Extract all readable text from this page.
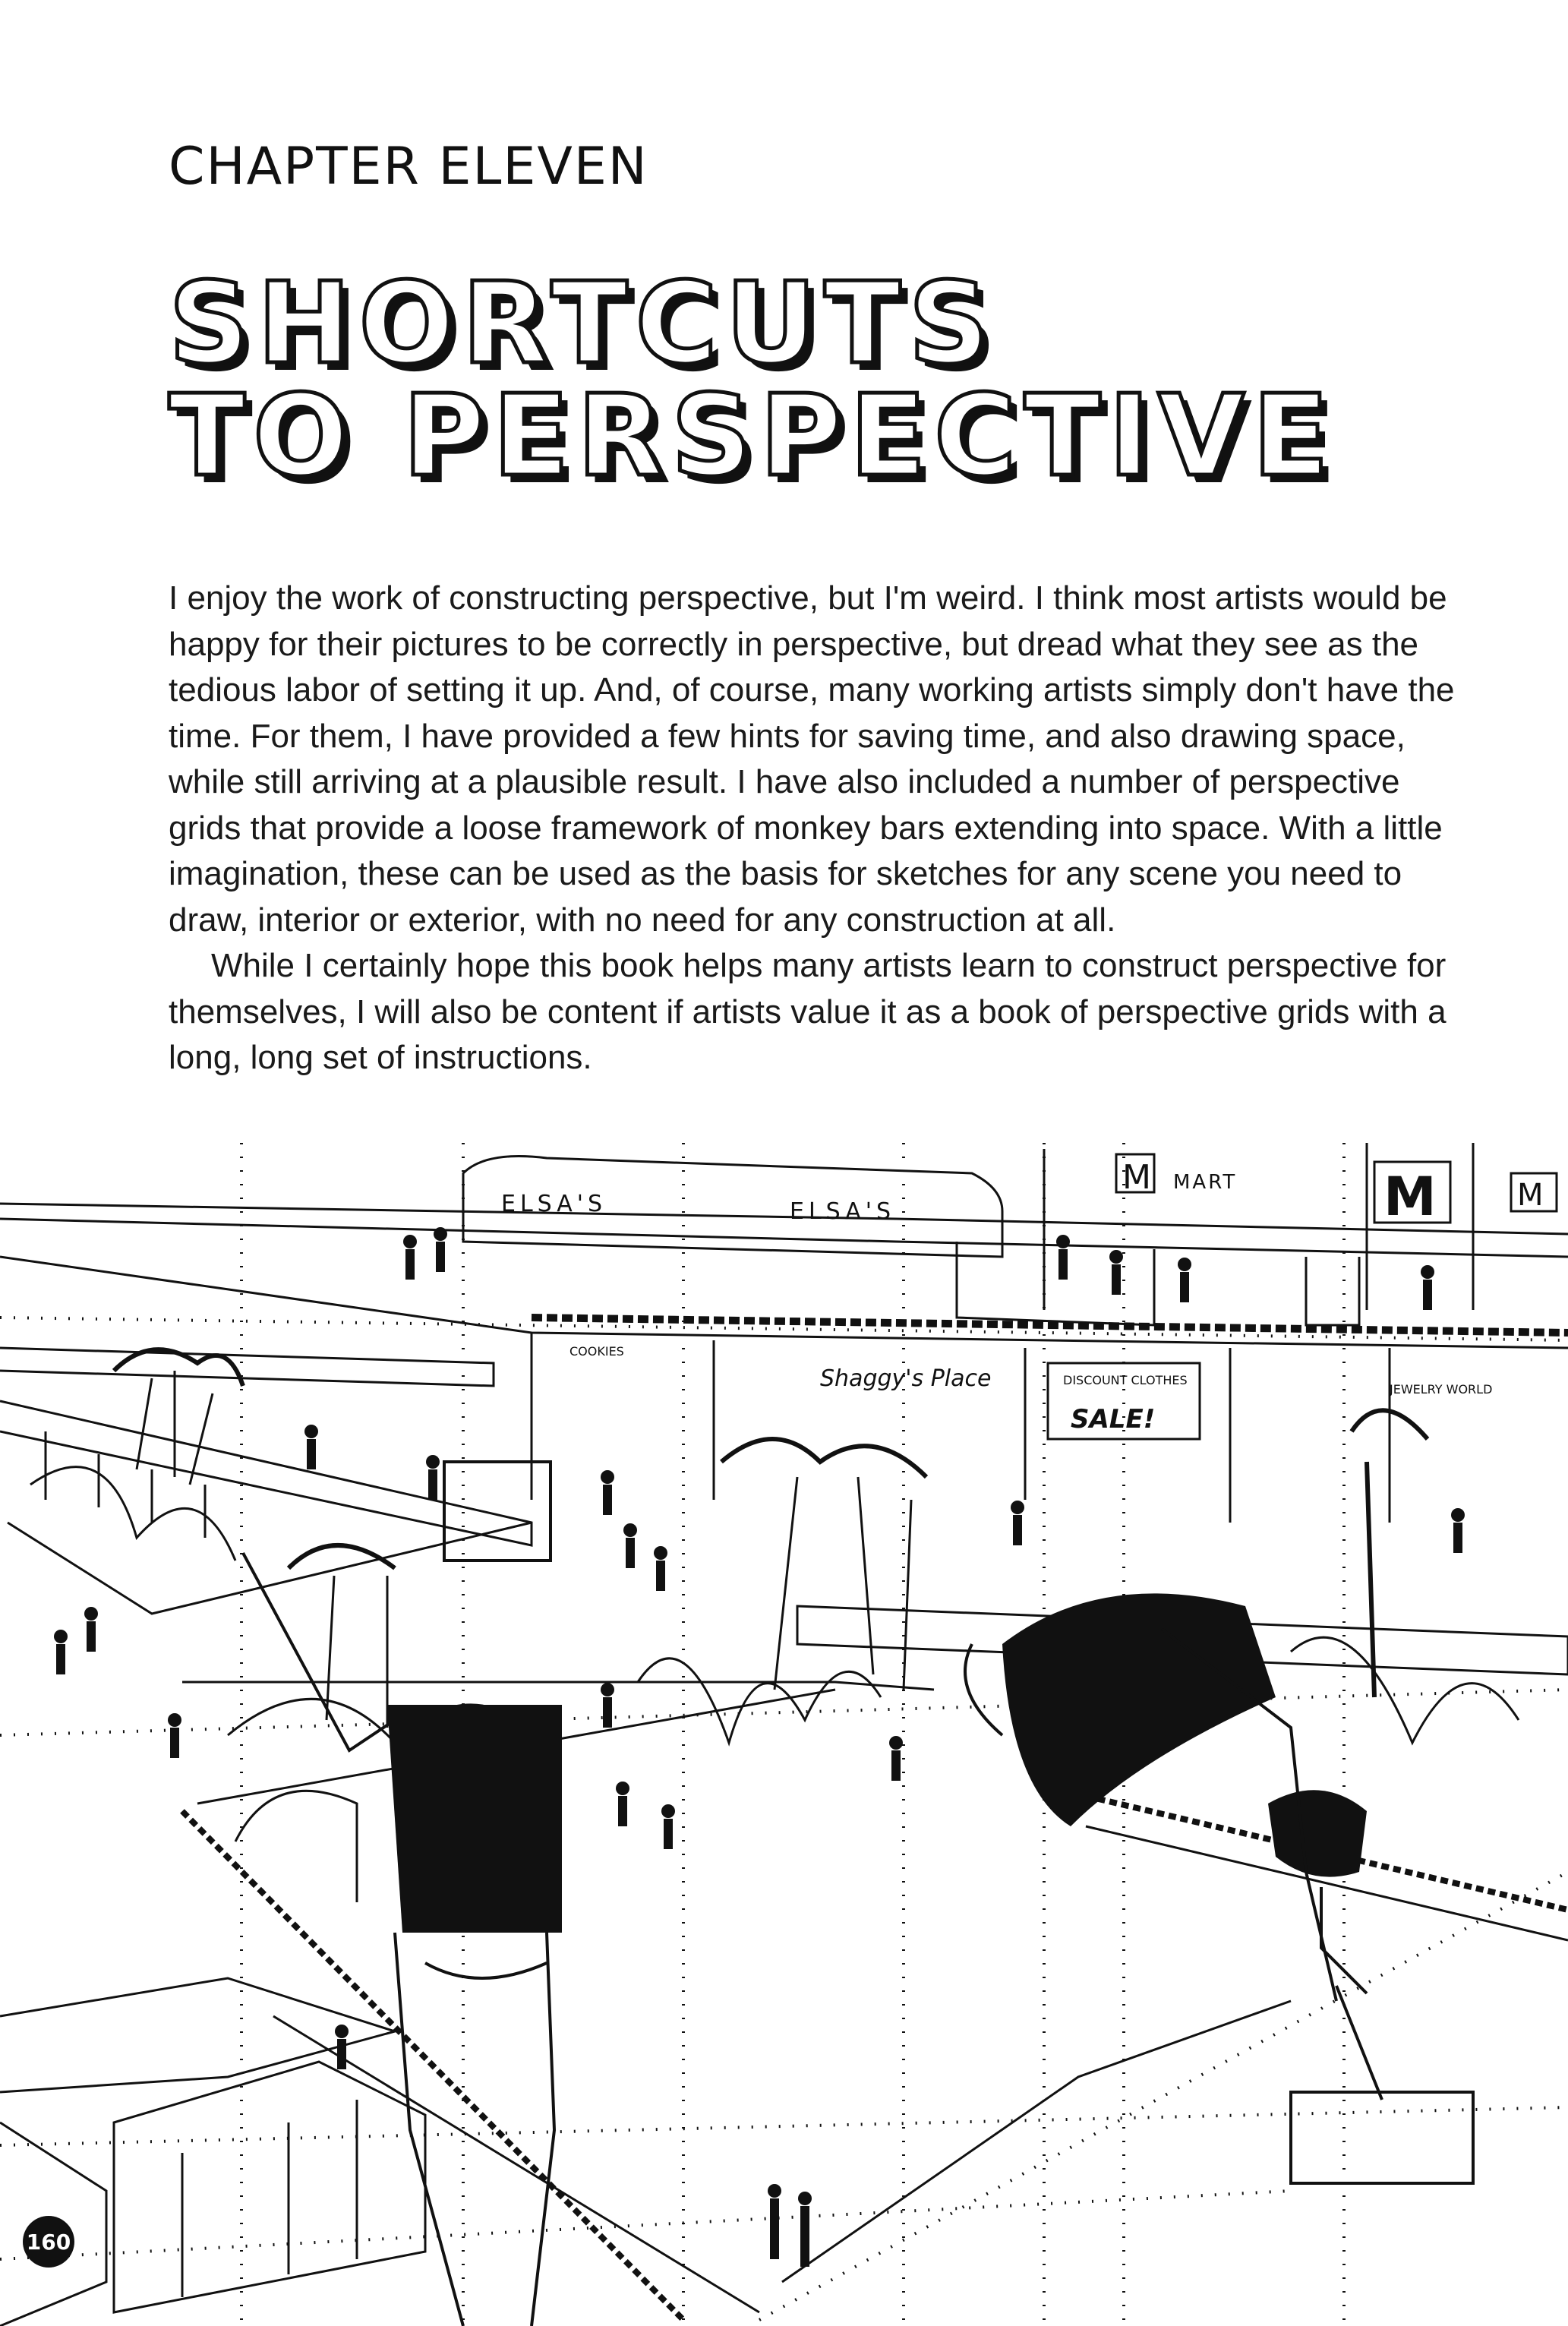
CHAPTER ELEVEN
SHORTCUTS
TO PERSPECTIVE

I enjoy the work of constructing perspective, but I'm weird. I think most artists would be happy for their pictures to be correctly in perspective, but dread what they see as the tedious labor of setting it up. And, of course, many working artists simply don't have the time. For them, I have provided a few hints for saving time, and also drawing space, while still arriving at a plausible result. I have also included a number of perspective grids that provide a loose framework of monkey bars extending into space. With a little imagination, these can be used as the basis for sketches for any scene you need to draw, interior or exterior, with no need for any construction at all.

While I certainly hope this book helps many artists learn to construct perspective for themselves, I will also be content if artists value it as a book of perspective grids with a long, long set of instructions.

ELSA'S	ELSA'S
M MART	M	M
COOKIES
Shaggy's Place	DISCOUNT CLOTHES
SALE!
JEWELRY WORLD
160
